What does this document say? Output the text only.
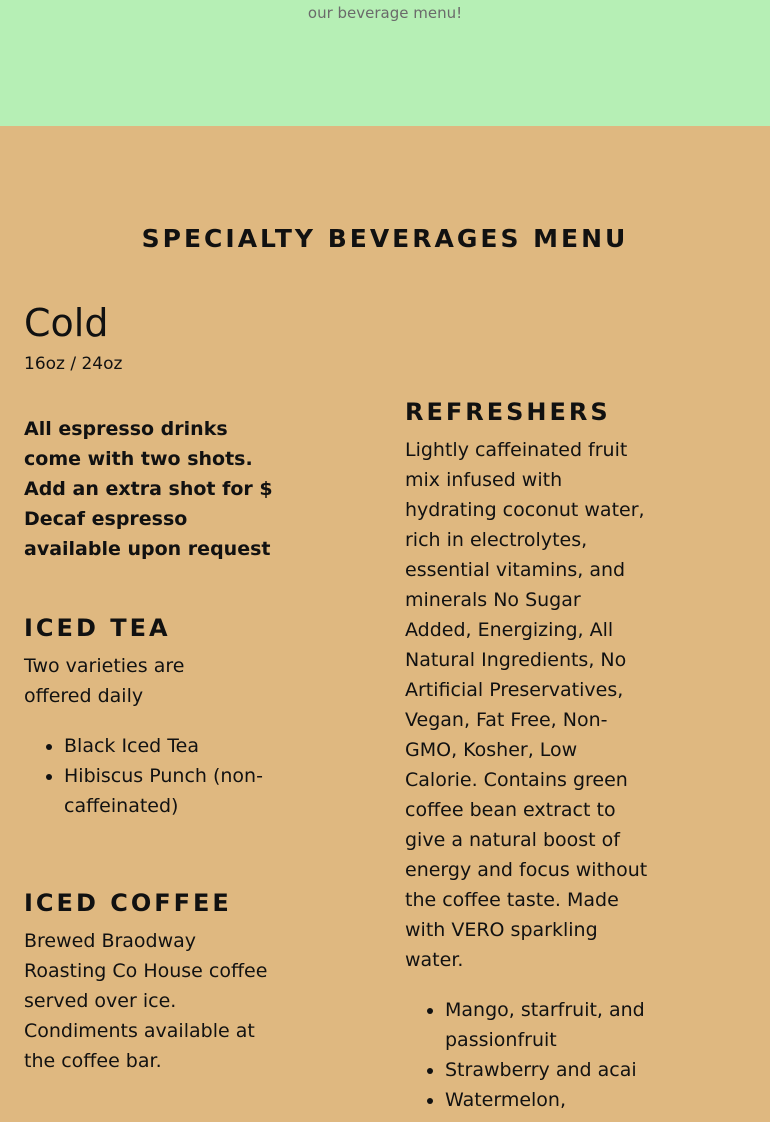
our beverage menu!
SPECIALTY BEVERAGES MENU
Cold
16oz / 24oz
All espresso drinks come with two shots. Add an extra shot for $ Decaf espresso available upon request
ICED TEA
Two varieties are offered daily
• Black Iced Tea
• Hibiscus Punch (non-caffeinated)
ICED COFFEE
Brewed Braodway Roasting Co House coffee served over ice. Condiments available at the coffee bar.
REFRESHERS
Lightly caffeinated fruit mix infused with hydrating coconut water, rich in electrolytes, essential vitamins, and minerals No Sugar Added, Energizing, All Natural Ingredients, No Artificial Preservatives, Vegan, Fat Free, Non-GMO, Kosher, Low Calorie. Contains green coffee bean extract to give a natural boost of energy and focus without the coffee taste. Made with VERO sparkling water.
• Mango, starfruit, and passionfruit
• Strawberry and acai
• Watermelon,
